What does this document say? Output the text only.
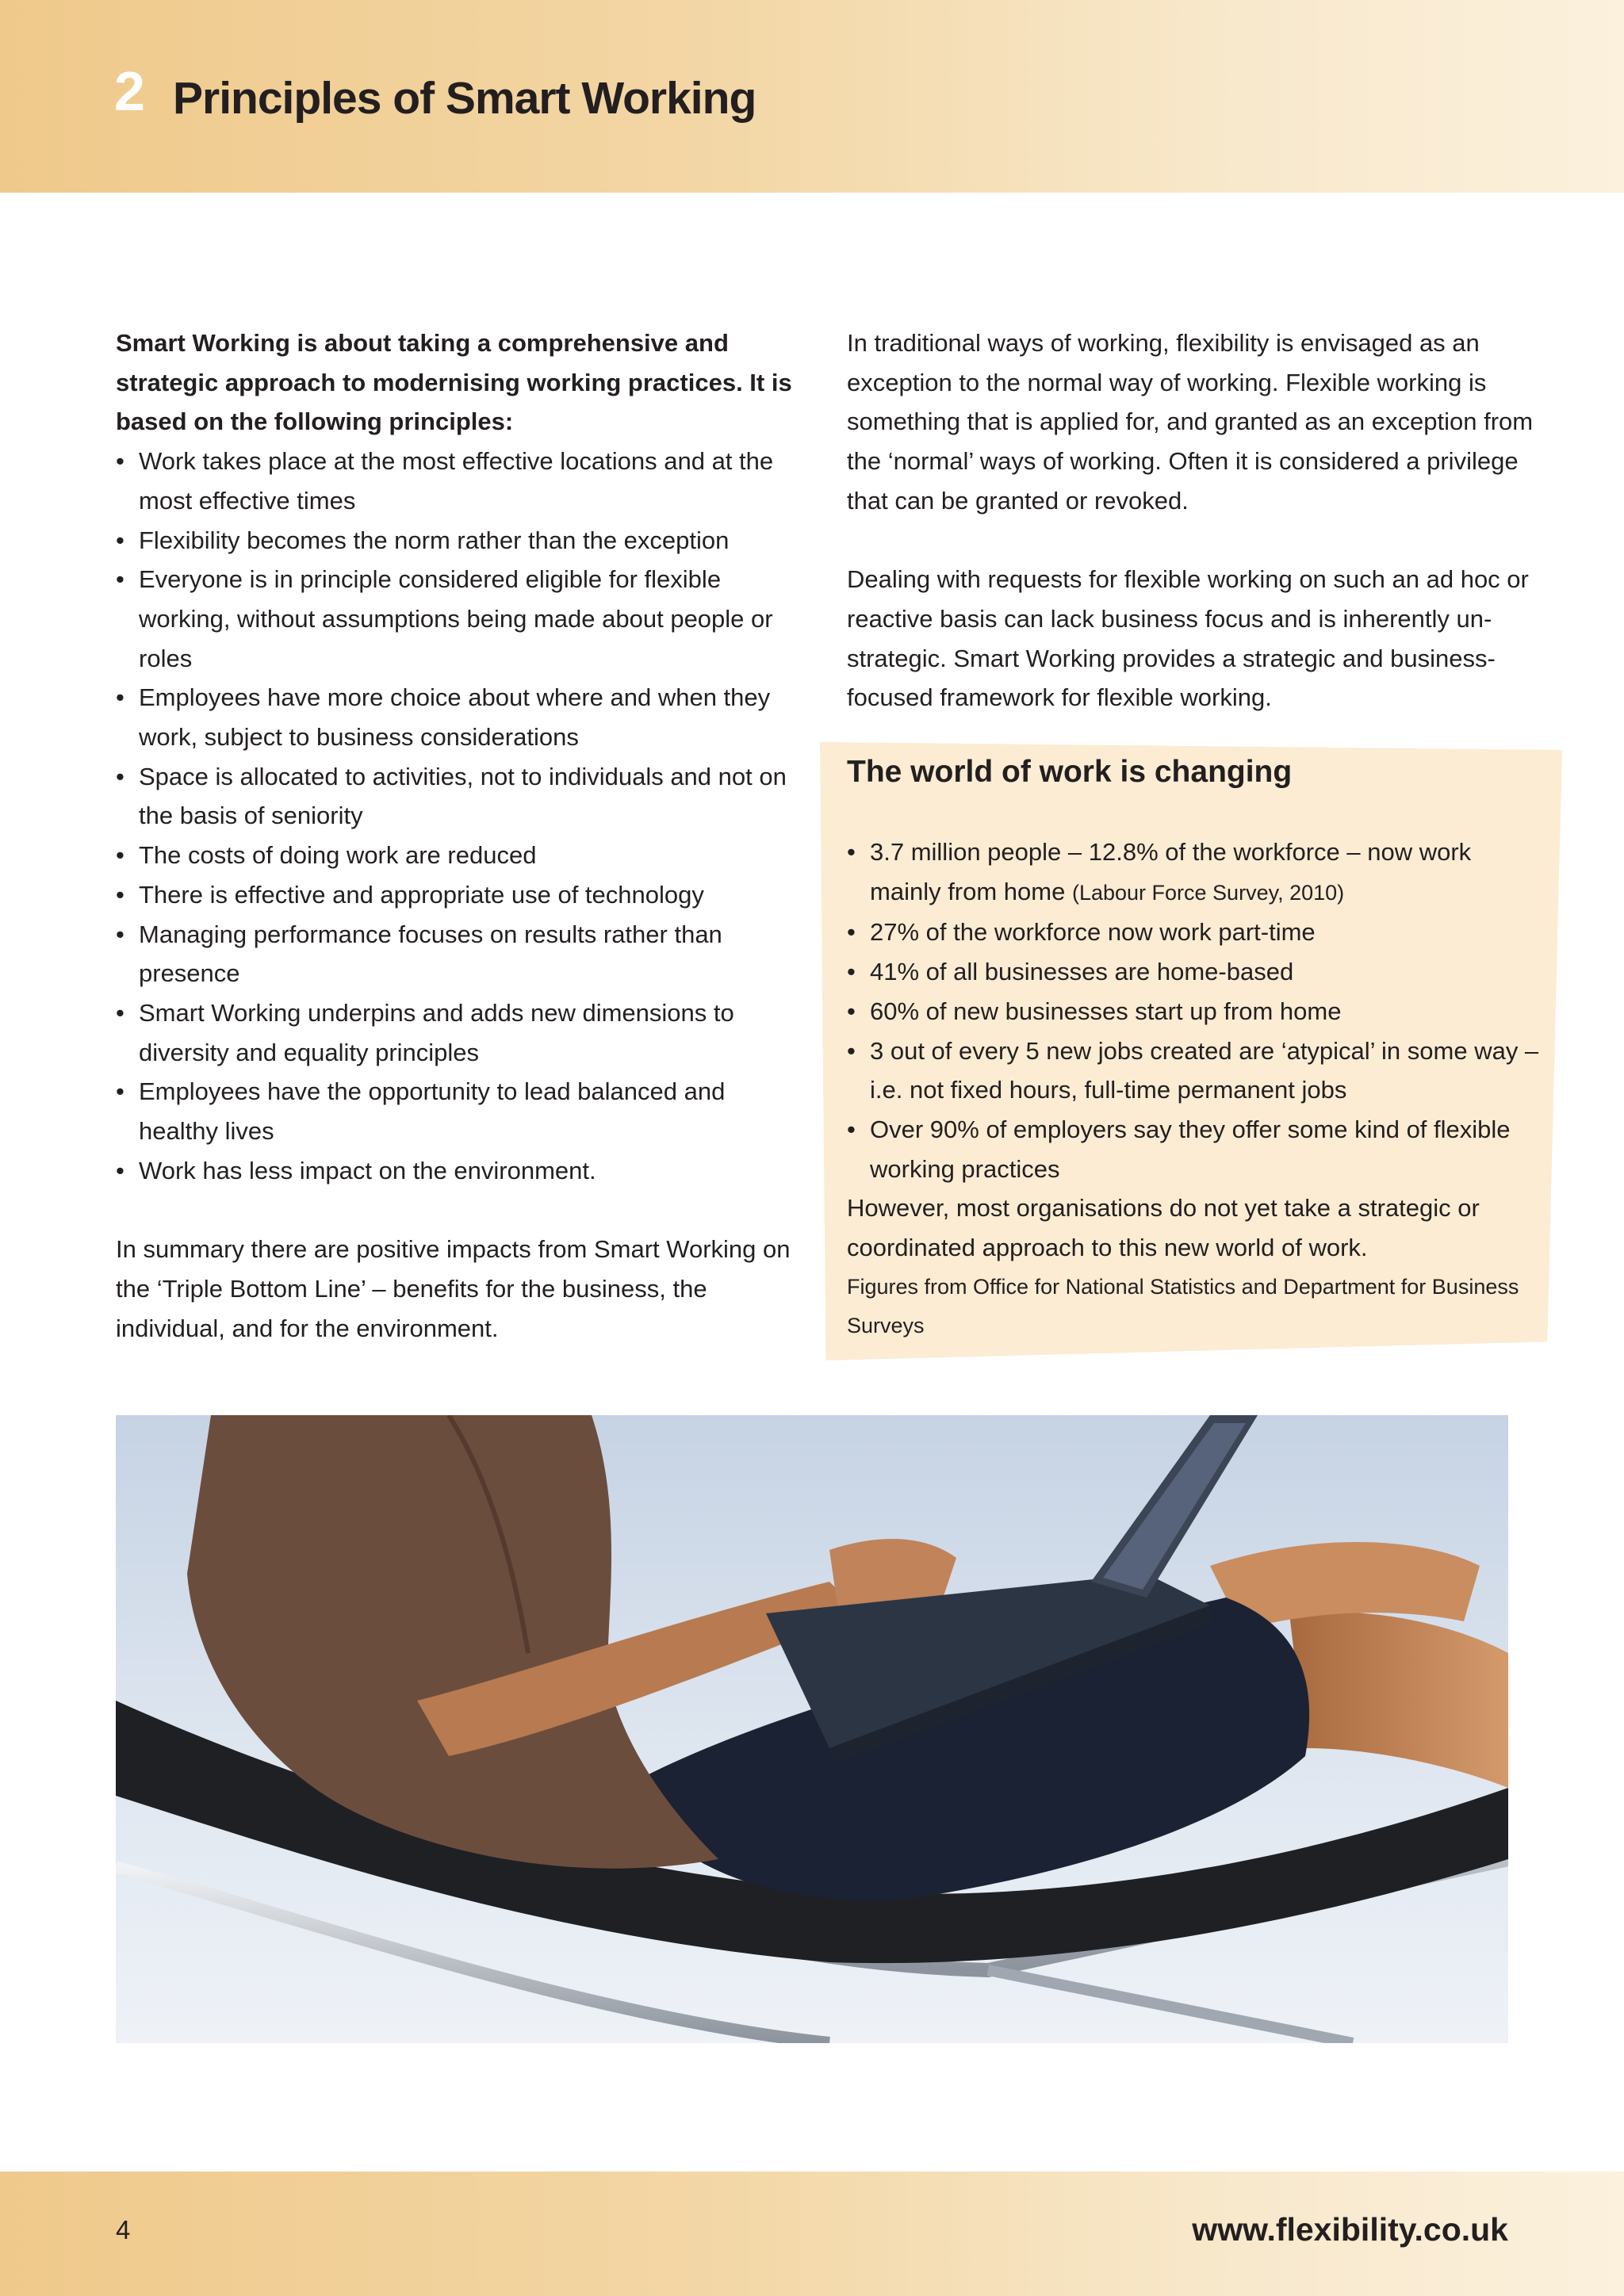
2 Principles of Smart Working

Smart Working is about taking a comprehensive and strategic approach to modernising working practices. It is based on the following principles:

• Work takes place at the most effective locations and at the most effective times
• Flexibility becomes the norm rather than the exception
• Everyone is in principle considered eligible for flexible working, without assumptions being made about people or roles
• Employees have more choice about where and when they work, subject to business considerations
• Space is allocated to activities, not to individuals and not on the basis of seniority
• The costs of doing work are reduced
• There is effective and appropriate use of technology
• Managing performance focuses on results rather than presence
• Smart Working underpins and adds new dimensions to diversity and equality principles
• Employees have the opportunity to lead balanced and healthy lives
• Work has less impact on the environment.

In summary there are positive impacts from Smart Working on the ‘Triple Bottom Line’ – benefits for the business, the individual, and for the environment.

In traditional ways of working, flexibility is envisaged as an exception to the normal way of working. Flexible working is something that is applied for, and granted as an exception from the ‘normal’ ways of working. Often it is considered a privilege that can be granted or revoked.

Dealing with requests for flexible working on such an ad hoc or reactive basis can lack business focus and is inherently un-strategic. Smart Working provides a strategic and business-focused framework for flexible working.

The world of work is changing
• 3.7 million people – 12.8% of the workforce – now work mainly from home (Labour Force Survey, 2010)
• 27% of the workforce now work part-time
• 41% of all businesses are home-based
• 60% of new businesses start up from home
• 3 out of every 5 new jobs created are ‘atypical’ in some way – i.e. not fixed hours, full-time permanent jobs
• Over 90% of employers say they offer some kind of flexible working practices

However, most organisations do not yet take a strategic or coordinated approach to this new world of work.

Figures from Office for National Statistics and Department for Business Surveys

4	www.flexibility.co.uk
